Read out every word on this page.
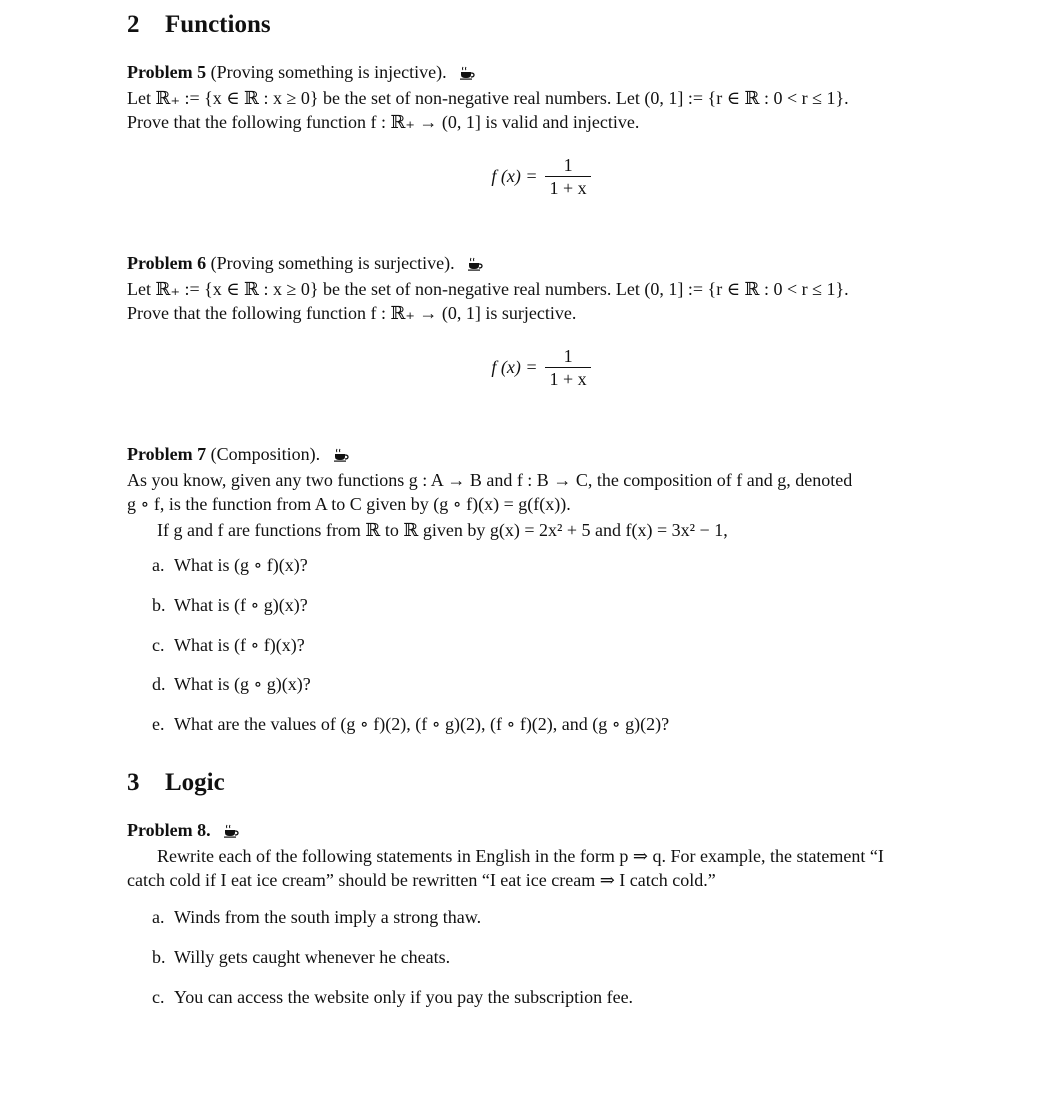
2 Functions
Problem 5 (Proving something is injective).

Let ℝ₊ := {x ∈ ℝ : x ≥ 0} be the set of non-negative real numbers. Let (0, 1] := {r ∈ ℝ : 0 < r ≤ 1}.

Prove that the following function f : ℝ₊ → (0, 1] is valid and injective.

f $(x) = \frac{1}{1 + x}$
Problem 6 (Proving something is surjective).

Let ℝ₊ := {x ∈ ℝ : x ≥ 0} be the set of non-negative real numbers. Let (0, 1] := {r ∈ ℝ : 0 < r ≤ 1}.

Prove that the following function f : ℝ₊ → (0, 1] is surjective.

f $(x) = \frac{1}{1 + x}$
Problem 7 (Composition).

As you know, given any two functions g : A → B and f : B → C, the composition of f and g, denoted

g ∘ f, is the function from A to C given by (g ∘ f)(x) = g(f(x)).

If g and f are functions from ℝ to ℝ given by g(x) = 2x² + 5 and f(x) = 3x² − 1,

a. What is (g ∘ f)(x)?
b. What is (f ∘ g)(x)?
c. What is (f ∘ f)(x)?
d. What is (g ∘ g)(x)?
e. What are the values of (g ∘ f)(2), (f ∘ g)(2), (f ∘ f)(2), and (g ∘ g)(2)?
3 Logic
Problem 8.

Rewrite each of the following statements in English in the form p ⇒ q. For example, the statement “I

catch cold if I eat ice cream” should be rewritten “I eat ice cream ⇒ I catch cold.”

a. Winds from the south imply a strong thaw.
b. Willy gets caught whenever he cheats.
c. You can access the website only if you pay the subscription fee.
